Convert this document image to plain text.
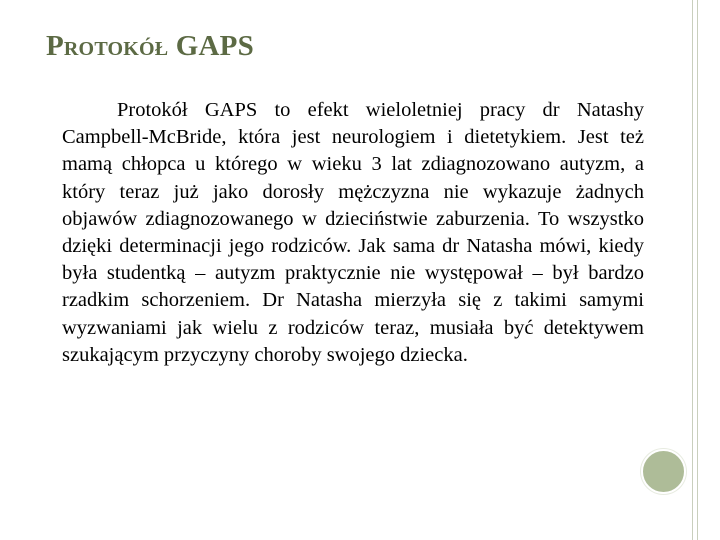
Protokół GAPS

Protokół GAPS to efekt wieloletniej pracy dr Natashy Campbell-McBride, która jest neurologiem i dietetykiem. Jest też mamą chłopca u którego w wieku 3 lat zdiagnozowano autyzm, a który teraz już jako dorosły mężczyzna nie wykazuje żadnych objawów zdiagnozowanego w dzieciństwie zaburzenia. To wszystko dzięki determinacji jego rodziców. Jak sama dr Natasha mówi, kiedy była studentką – autyzm praktycznie nie występował – był bardzo rzadkim schorzeniem. Dr Natasha mierzyła się z takimi samymi wyzwaniami jak wielu z rodziców teraz, musiała być detektywem szukającym przyczyny choroby swojego dziecka.
